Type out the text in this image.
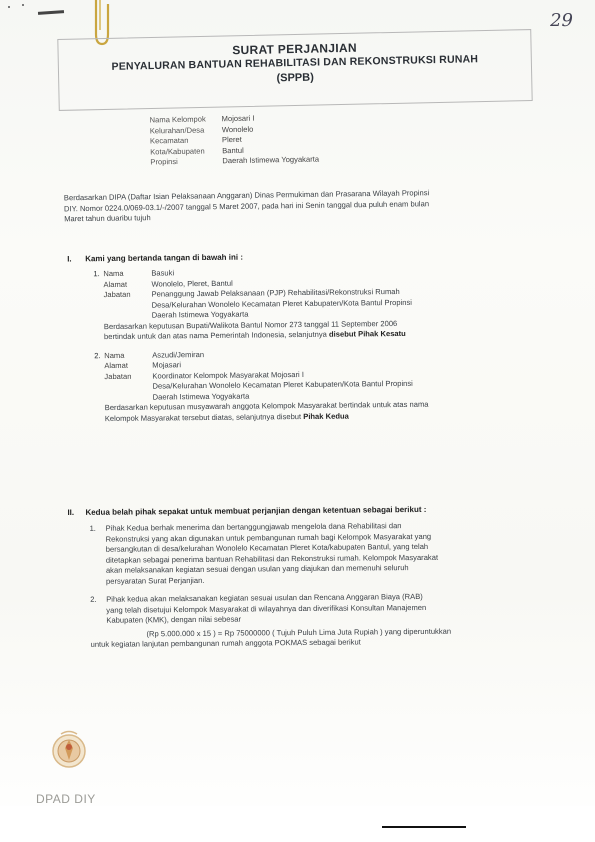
29
SURAT PERJANJIAN
PENYALURAN BANTUAN REHABILITASI DAN REKONSTRUKSI RUNAH
(SPPB)
Nama Kelompok	Mojosari I
Kelurahan/Desa	Wonolelo
Kecamatan	Pleret
Kota/Kabupaten	Bantul
Propinsi	Daerah Istimewa Yogyakarta
Berdasarkan DIPA (Daftar Isian Pelaksanaan Anggaran) Dinas Permukiman dan Prasarana Wilayah Propinsi
DIY. Nomor 0224.0/069-03.1/-/2007 tanggal 5 Maret 2007, pada hari ini Senin tanggal dua puluh enam bulan
Maret tahun duaribu tujuh
I.	Kami yang bertanda tangan di bawah ini :
1. Nama	Basuki
Alamat	Wonolelo, Pleret, Bantul
Jabatan	Penanggung Jawab Pelaksanaan (PJP) Rehabilitasi/Rekonstruksi Rumah
Desa/Kelurahan Wonolelo Kecamatan Pleret Kabupaten/Kota Bantul Propinsi
Daerah Istimewa Yogyakarta
Berdasarkan keputusan Bupati/Walikota Bantul Nomor 273 tanggal 11 September 2006
bertindak untuk dan atas nama Pemerintah Indonesia, selanjutnya disebut Pihak Kesatu
2. Nama	Aszudi/Jemiran
Alamat	Mojasari
Jabatan	Koordinator Kelompok Masyarakat Mojosari I
Desa/Kelurahan Wonolelo Kecamatan Pleret Kabupaten/Kota Bantul Propinsi
Daerah Istimewa Yogyakarta
Berdasarkan keputusan musyawarah anggota Kelompok Masyarakat bertindak untuk atas nama
Kelompok Masyarakat tersebut diatas, selanjutnya disebut Pihak Kedua
II.	Kedua belah pihak sepakat untuk membuat perjanjian dengan ketentuan sebagai berikut :
1.	Pihak Kedua berhak menerima dan bertanggungjawab mengelola dana Rehabilitasi dan
Rekonstruksi yang akan digunakan untuk pembangunan rumah bagi Kelompok Masyarakat yang
bersangkutan di desa/kelurahan Wonolelo Kecamatan Pleret Kota/kabupaten Bantul, yang telah
ditetapkan sebagai penerima bantuan Rehabilitasi dan Rekonstruksi rumah. Kelompok Masyarakat
akan melaksanakan kegiatan sesuai dengan usulan yang diajukan dan memenuhi seluruh
persyaratan Surat Perjanjian.
2.	Pihak kedua akan melaksanakan kegiatan sesuai usulan dan Rencana Anggaran Biaya (RAB)
yang telah disetujui Kelompok Masyarakat di wilayahnya dan diverifikasi Konsultan Manajemen
Kabupaten (KMK), dengan nilai sebesar
(Rp 5.000.000 x 15 ) = Rp 75000000 ( Tujuh Puluh Lima Juta Rupiah ) yang diperuntukkan
untuk kegiatan lanjutan pembangunan rumah anggota POKMAS sebagai berikut
DPAD DIY
